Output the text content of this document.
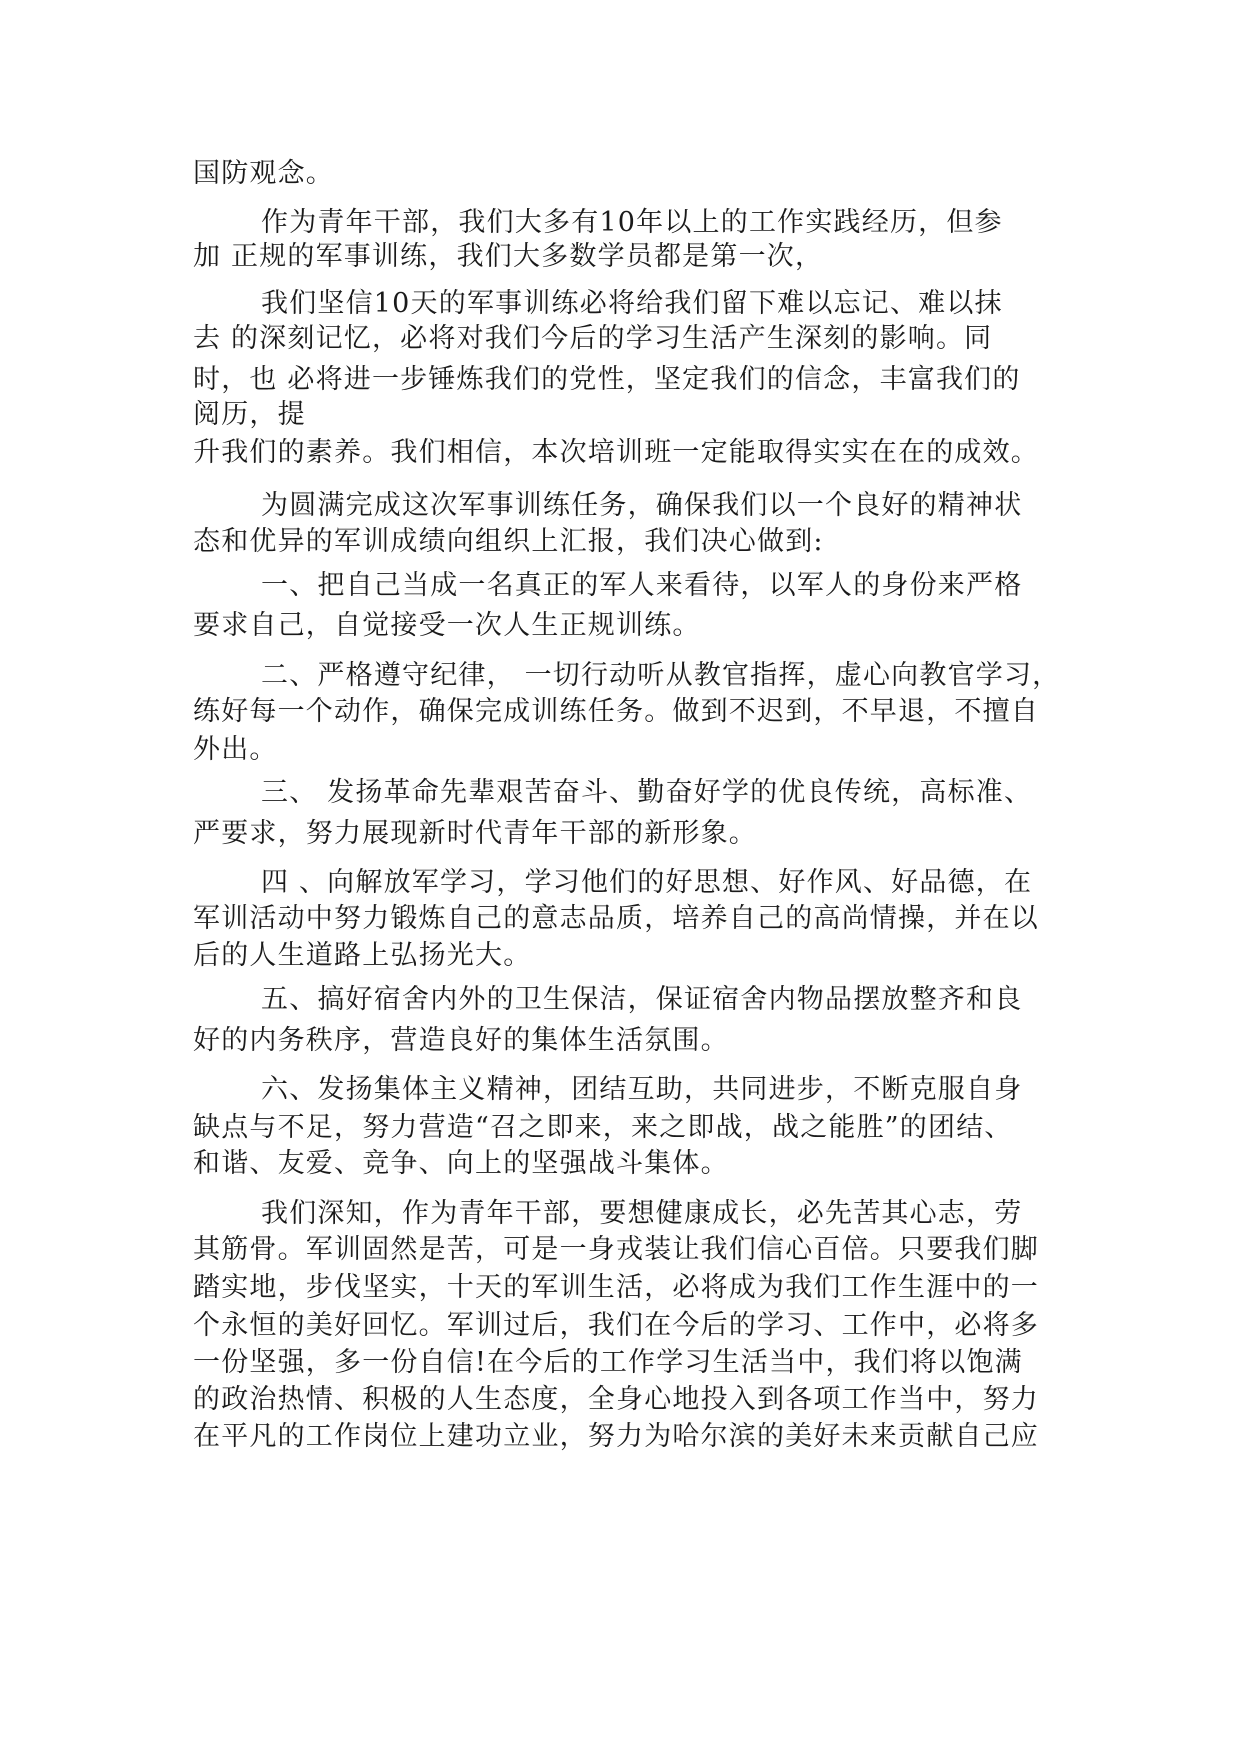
国防观念。
作为青年干部，我们大多有10年以上的工作实践经历，但参
加 正规的军事训练，我们大多数学员都是第一次，
我们坚信10天的军事训练必将给我们留下难以忘记、难以抹
去 的深刻记忆，必将对我们今后的学习生活产生深刻的影响。同
时，也 必将进一步锤炼我们的党性，坚定我们的信念，丰富我们的
阅历，提
升我们的素养。我们相信，本次培训班一定能取得实实在在的成效。
为圆满完成这次军事训练任务，确保我们以一个良好的精神状
态和优异的军训成绩向组织上汇报，我们决心做到:
一、把自己当成一名真正的军人来看待，以军人的身份来严格
要求自己，自觉接受一次人生正规训练。
二、严格遵守纪律， 一切行动听从教官指挥，虚心向教官学习，
练好每一个动作，确保完成训练任务。做到不迟到，不早退，不擅自
外出。
三、 发扬革命先辈艰苦奋斗、勤奋好学的优良传统，高标准、
严要求，努力展现新时代青年干部的新形象。
四 、向解放军学习，学习他们的好思想、好作风、好品德，在
军训活动中努力锻炼自己的意志品质，培养自己的高尚情操，并在以
后的人生道路上弘扬光大。
五、搞好宿舍内外的卫生保洁，保证宿舍内物品摆放整齐和良
好的内务秩序，营造良好的集体生活氛围。
六、发扬集体主义精神，团结互助，共同进步，不断克服自身
缺点与不足，努力营造“召之即来，来之即战，战之能胜”的团结、
和谐、友爱、竞争、向上的坚强战斗集体。
我们深知，作为青年干部，要想健康成长，必先苦其心志，劳
其筋骨。军训固然是苦，可是一身戎装让我们信心百倍。只要我们脚
踏实地，步伐坚实，十天的军训生活，必将成为我们工作生涯中的一
个永恒的美好回忆。军训过后，我们在今后的学习、工作中，必将多
一份坚强，多一份自信!在今后的工作学习生活当中，我们将以饱满
的政治热情、积极的人生态度，全身心地投入到各项工作当中，努力
在平凡的工作岗位上建功立业，努力为哈尔滨的美好未来贡献自己应
